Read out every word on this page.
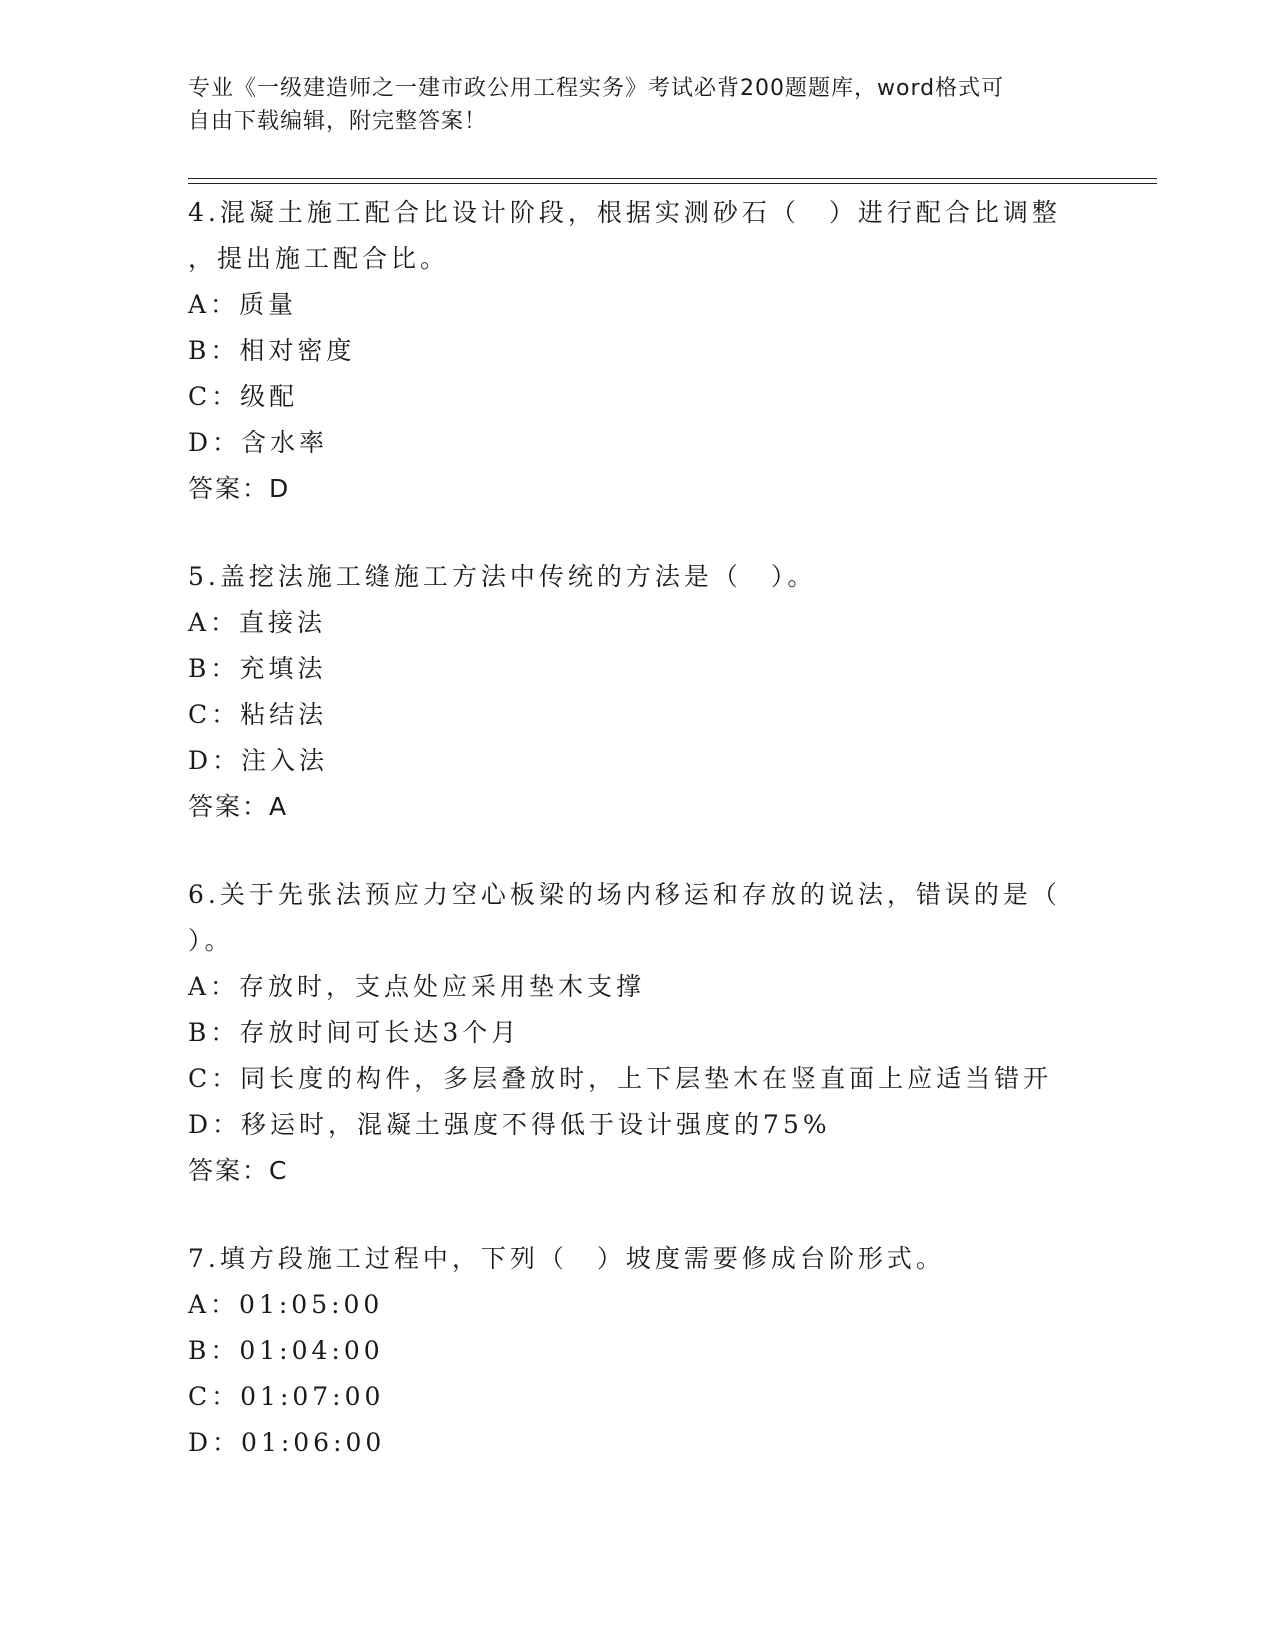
专业《一级建造师之一建市政公用工程实务》考试必背200题题库，word格式可
自由下载编辑，附完整答案！

4.混凝土施工配合比设计阶段，根据实测砂石（　）进行配合比调整

，提出施工配合比。

A：质量

B：相对密度

C：级配

D：含水率

答案：D

5.盖挖法施工缝施工方法中传统的方法是（　）。

A：直接法

B：充填法

C：粘结法

D：注入法

答案：A

6.关于先张法预应力空心板梁的场内移运和存放的说法，错误的是（

）。

A：存放时，支点处应采用垫木支撑

B：存放时间可长达3个月

C：同长度的构件，多层叠放时，上下层垫木在竖直面上应适当错开

D：移运时，混凝土强度不得低于设计强度的75%

答案：C

7.填方段施工过程中，下列（　）坡度需要修成台阶形式。

A：01:05:00

B：01:04:00

C：01:07:00

D：01:06:00
